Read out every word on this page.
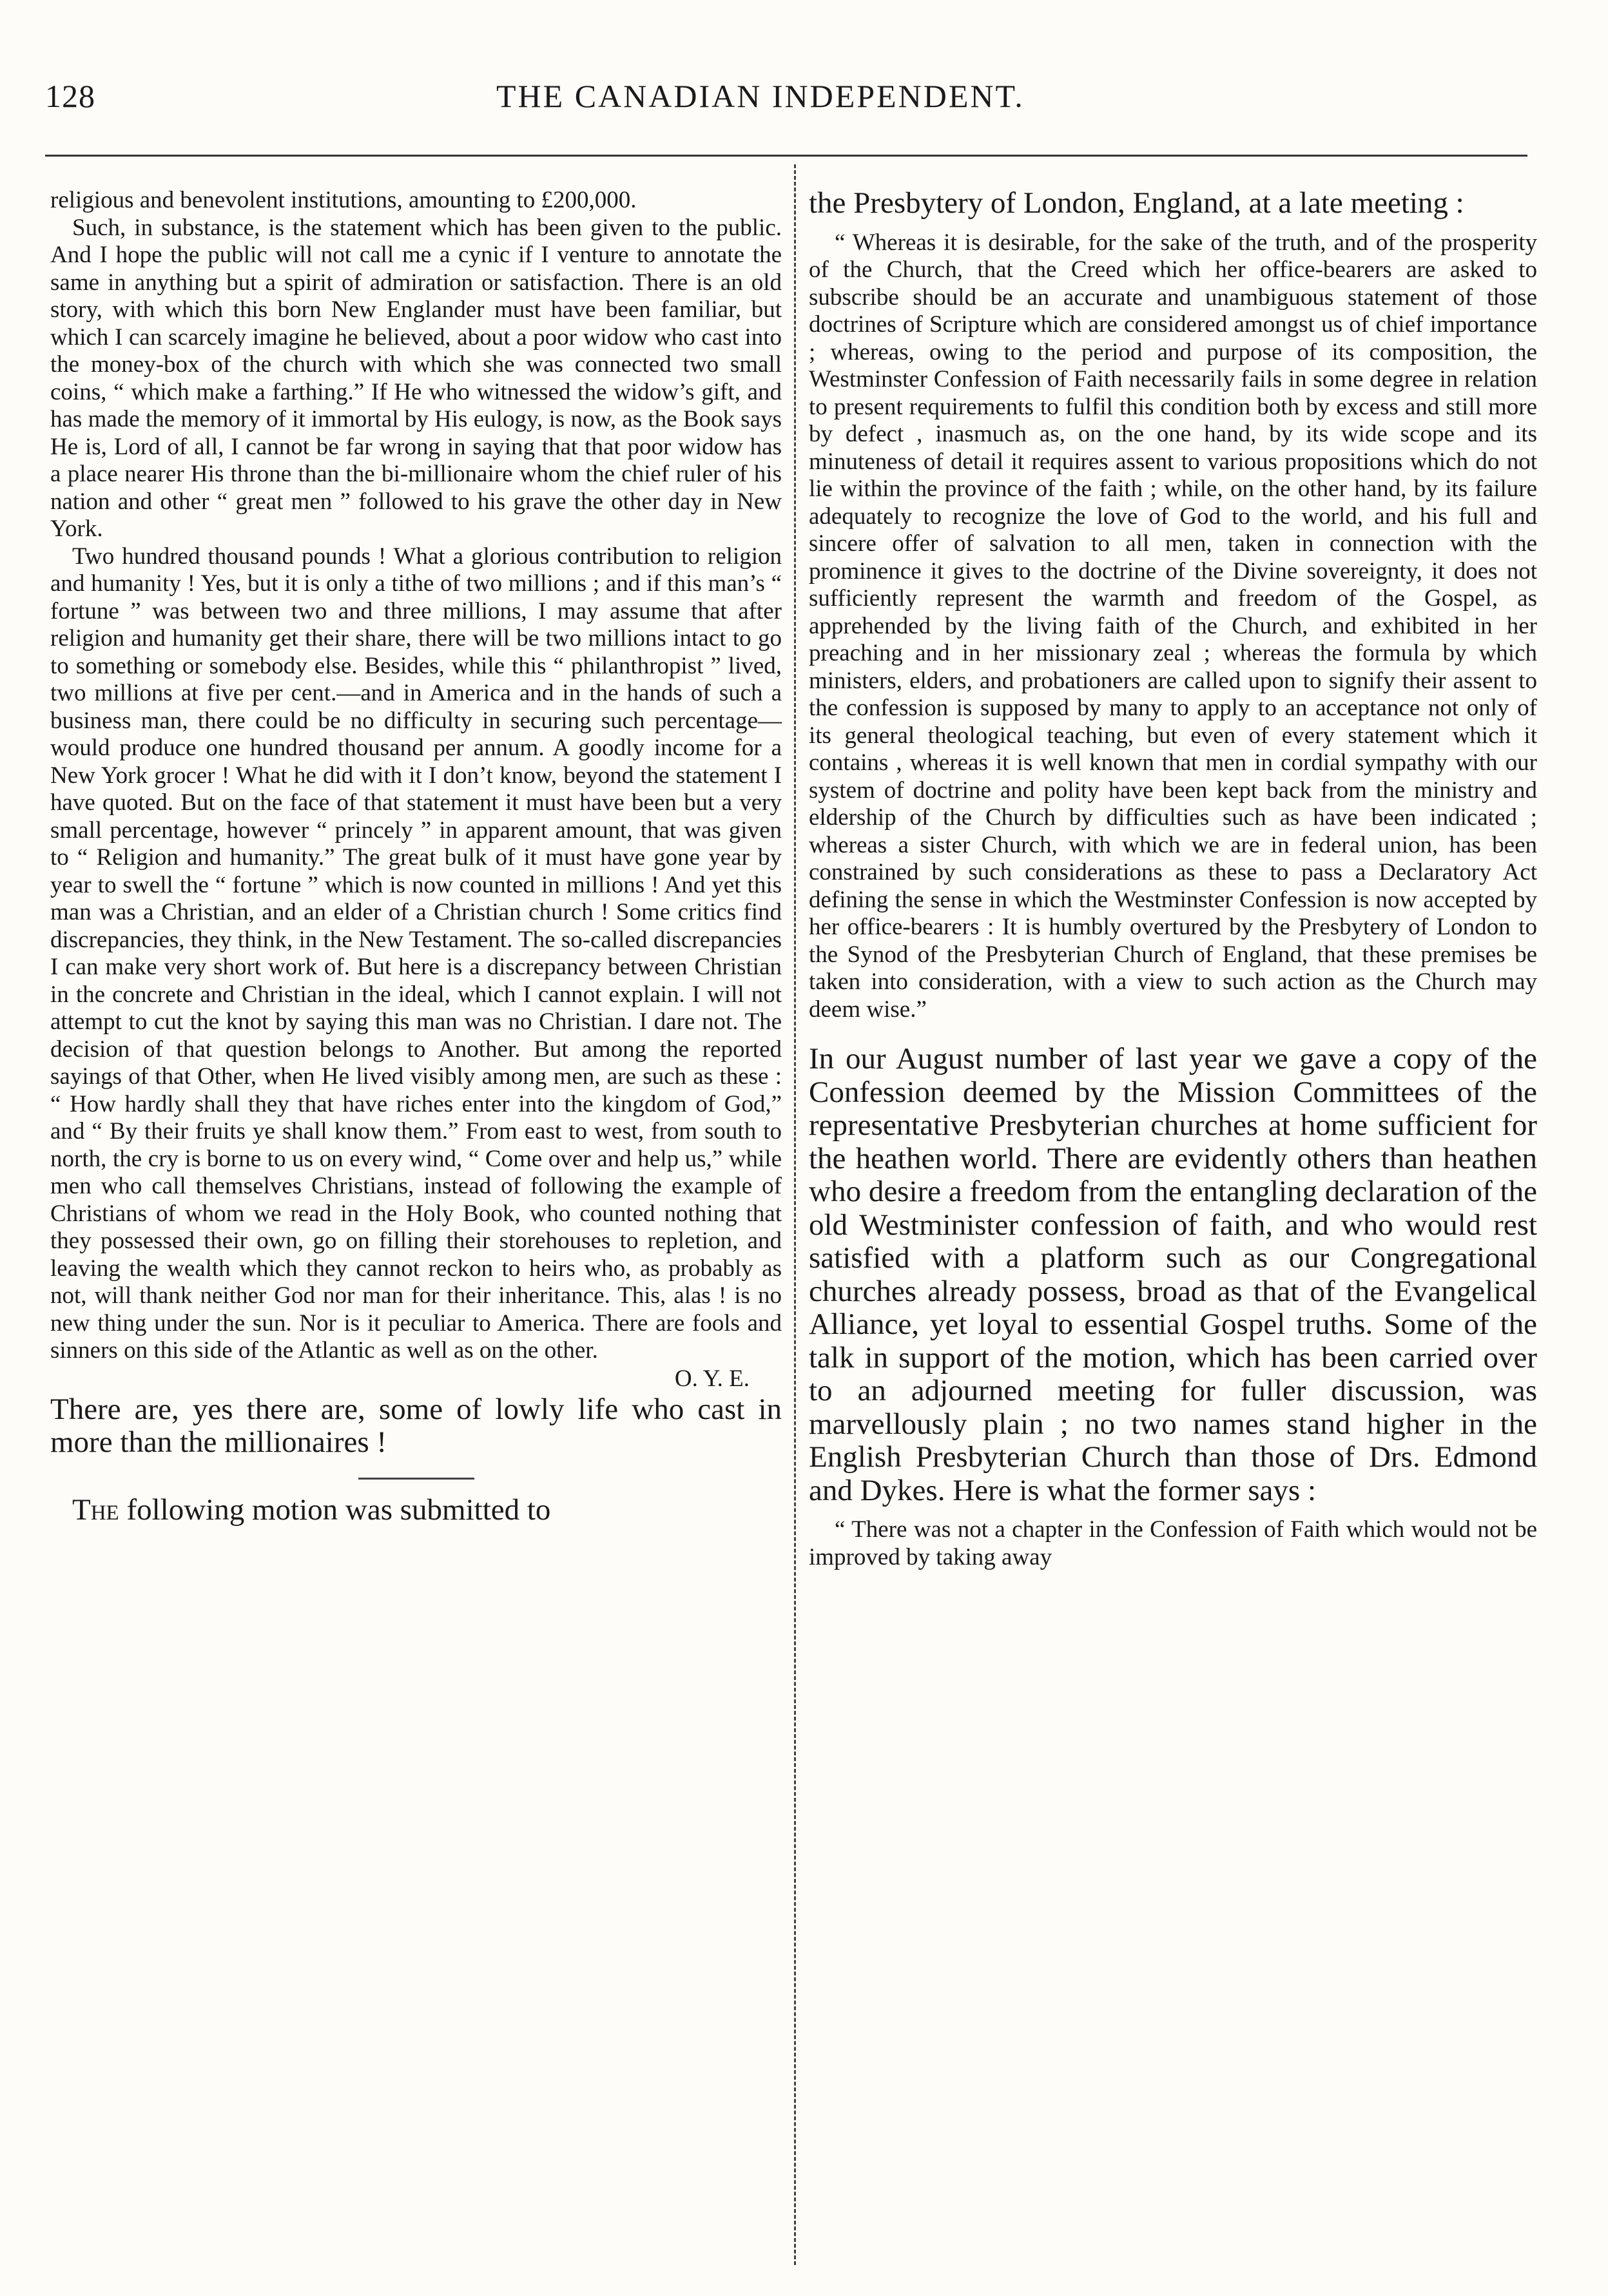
128	THE CANADIAN INDEPENDENT.

religious and benevolent institutions, amounting to £200,000.

Such, in substance, is the statement which has been given to the public. And I hope the public will not call me a cynic if I venture to annotate the same in anything but a spirit of admiration or satisfaction. There is an old story, with which this born New Englander must have been familiar, but which I can scarcely imagine he believed, about a poor widow who cast into the money-box of the church with which she was connected two small coins, “ which make a farthing.” If He who witnessed the widow’s gift, and has made the memory of it immortal by His eulogy, is now, as the Book says He is, Lord of all, I cannot be far wrong in saying that that poor widow has a place nearer His throne than the bi-millionaire whom the chief ruler of his nation and other “ great men ” followed to his grave the other day in New York.

Two hundred thousand pounds ! What a glorious contribution to religion and humanity ! Yes, but it is only a tithe of two millions ; and if this man’s “ fortune ” was between two and three millions, I may assume that after religion and humanity get their share, there will be two millions intact to go to something or somebody else. Besides, while this “ philanthropist ” lived, two millions at five per cent.—and in America and in the hands of such a business man, there could be no difficulty in securing such percentage—would produce one hundred thousand per annum. A goodly income for a New York grocer ! What he did with it I don’t know, beyond the statement I have quoted. But on the face of that statement it must have been but a very small percentage, however “ princely ” in apparent amount, that was given to “ Religion and humanity.” The great bulk of it must have gone year by year to swell the “ fortune ” which is now counted in millions ! And yet this man was a Christian, and an elder of a Christian church ! Some critics find discrepancies, they think, in the New Testament. The so-called discrepancies I can make very short work of. But here is a discrepancy between Christian in the concrete and Christian in the ideal, which I cannot explain. I will not attempt to cut the knot by saying this man was no Christian. I dare not. The decision of that question belongs to Another. But among the reported sayings of that Other, when He lived visibly among men, are such as these : “ How hardly shall they that have riches enter into the kingdom of God,” and “ By their fruits ye shall know them.” From east to west, from south to north, the cry is borne to us on every wind, “ Come over and help us,” while men who call themselves Christians, instead of following the example of Christians of whom we read in the Holy Book, who counted nothing that they possessed their own, go on filling their storehouses to repletion, and leaving the wealth which they cannot reckon to heirs who, as probably as not, will thank neither God nor man for their inheritance. This, alas ! is no new thing under the sun. Nor is it peculiar to America. There are fools and sinners on this side of the Atlantic as well as on the other.

O. Y. E.

There are, yes there are, some of lowly life who cast in more than the millionaires !

The following motion was submitted to

the Presbytery of London, England, at a late meeting :

“ Whereas it is desirable, for the sake of the truth, and of the prosperity of the Church, that the Creed which her office-bearers are asked to subscribe should be an accurate and unambiguous statement of those doctrines of Scripture which are considered amongst us of chief importance ; whereas, owing to the period and purpose of its composition, the Westminster Confession of Faith necessarily fails in some degree in relation to present requirements to fulfil this condition both by excess and still more by defect , inasmuch as, on the one hand, by its wide scope and its minuteness of detail it requires assent to various propositions which do not lie within the province of the faith ; while, on the other hand, by its failure adequately to recognize the love of God to the world, and his full and sincere offer of salvation to all men, taken in connection with the prominence it gives to the doctrine of the Divine sovereignty, it does not sufficiently represent the warmth and freedom of the Gospel, as apprehended by the living faith of the Church, and exhibited in her preaching and in her missionary zeal ; whereas the formula by which ministers, elders, and probationers are called upon to signify their assent to the confession is supposed by many to apply to an acceptance not only of its general theological teaching, but even of every statement which it contains , whereas it is well known that men in cordial sympathy with our system of doctrine and polity have been kept back from the ministry and eldership of the Church by difficulties such as have been indicated ; whereas a sister Church, with which we are in federal union, has been constrained by such considerations as these to pass a Declaratory Act defining the sense in which the Westminster Confession is now accepted by her office-bearers : It is humbly overtured by the Presbytery of London to the Synod of the Presbyterian Church of England, that these premises be taken into consideration, with a view to such action as the Church may deem wise.”

In our August number of last year we gave a copy of the Confession deemed by the Mission Committees of the representative Presbyterian churches at home sufficient for the heathen world. There are evidently others than heathen who desire a freedom from the entangling declaration of the old Westminister confession of faith, and who would rest satisfied with a platform such as our Congregational churches already possess, broad as that of the Evangelical Alliance, yet loyal to essential Gospel truths. Some of the talk in support of the motion, which has been carried over to an adjourned meeting for fuller discussion, was marvellously plain ; no two names stand higher in the English Presbyterian Church than those of Drs. Edmond and Dykes. Here is what the former says :

“ There was not a chapter in the Confession of Faith which would not be improved by taking away
